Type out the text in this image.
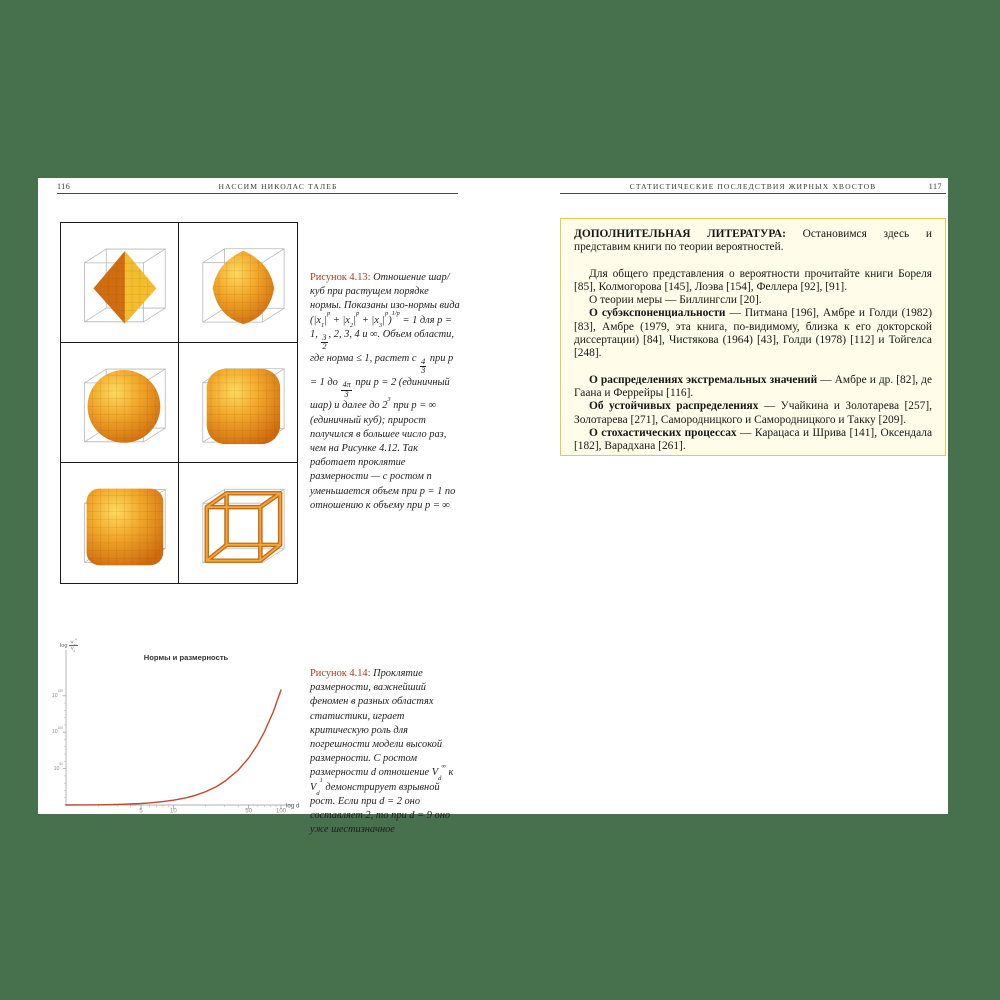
116	НАССИМ НИКОЛАС ТАЛЕБ
Рисунок 4.13: Отношение шар/куб при растущем порядке нормы. Показаны изо-нормы вида $(|x_1|^p + |x_2|^p + |x_3|^p)^{1/p} = 1$ для p = 1, $\frac{3}{2}$ , 2, 3, 4 и ∞. Объем области, где норма ≤ 1, растет с $\frac{4}{3}$ при p = 1 до $\frac{4\pi}{3}$ при p = 2 (единичный шар) и далее до $2^3$ при p = ∞ (единичный куб); прирост получился в большее число раз, чем на Рисунке 4.12. Так работает проклятие размерности — с ростом n уменьшается объем при p = 1 по отношению к объему при p = ∞
$\log \frac{V_d^\infty}{V_d^1}$
Нормы и размерность
5	10	50	100
log d
$10^{50}$
$10^{100}$
$10^{150}$
Рисунок 4.14: Проклятие размерности, важнейший феномен в разных областях статистики, играет критическую роль для погрешности модели высокой размерности. С ростом размерности d отношение $V_d^\infty$ к $V_d^1$ демонстрирует взрывной рост. Если при d = 2 оно составляет 2, то при d = 9 оно уже шестизначное
СТАТИСТИЧЕСКИЕ ПОСЛЕДСТВИЯ ЖИРНЫХ ХВОСТОВ	117

ДОПОЛНИТЕЛЬНАЯ ЛИТЕРАТУРА: Остановимся здесь и представим книги по теории вероятностей.

Для общего представления о вероятности прочитайте книги Бореля [85], Колмогорова [145], Лоэва [154], Феллера [92], [91].

О теории меры — Биллингсли [20].

О субэкспоненциальности — Питмана [196], Амбре и Голди (1982) [83], Амбре (1979, эта книга, по-видимому, близка к его докторской диссертации) [84], Чистякова (1964) [43], Голди (1978) [112] и Тойгелса [248].

О распределениях экстремальных значений — Амбре и др. [82], де Гаана и Феррейры [116].

Об устойчивых распределениях — Учайкина и Золотарева [257], Золотарева [271], Самородницкого и Самородницкого и Такку [209].

О стохастических процессах — Карацаса и Шрива [141], Оксендала [182], Варадхана [261].
